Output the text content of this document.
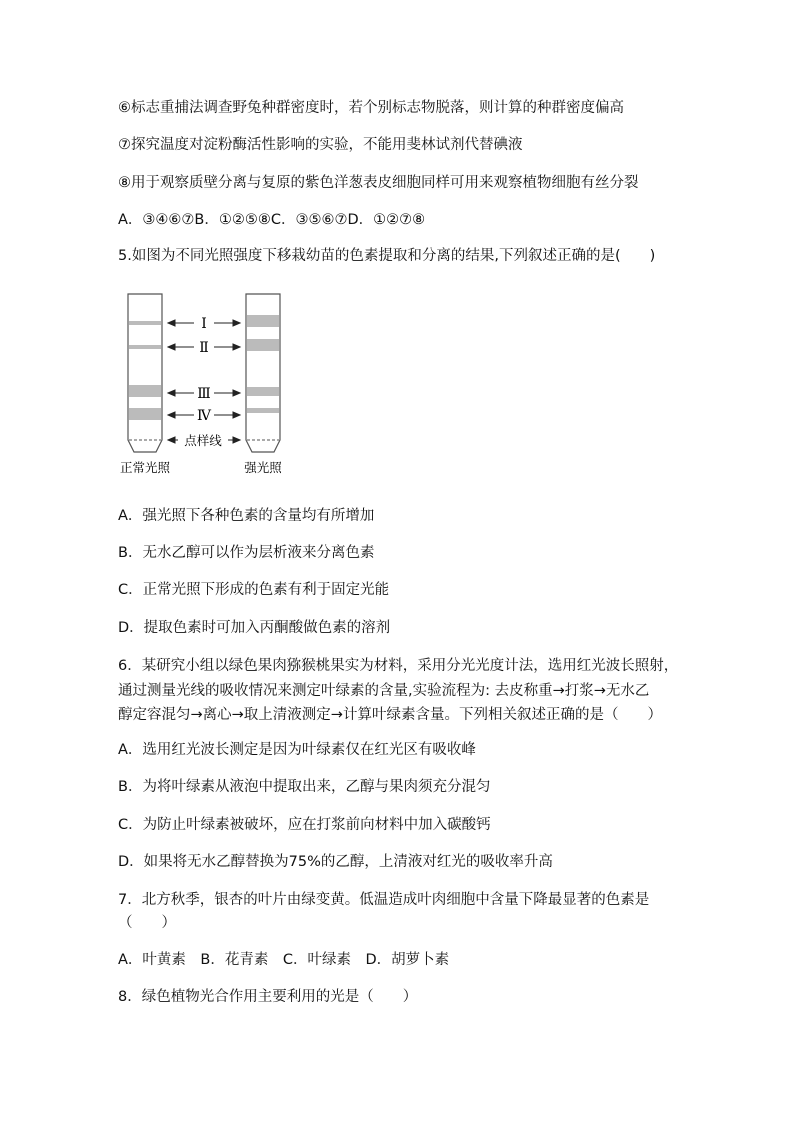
⑥标志重捕法调查野兔种群密度时，若个别标志物脱落，则计算的种群密度偏高
⑦探究温度对淀粉酶活性影响的实验，不能用斐林试剂代替碘液
⑧用于观察质壁分离与复原的紫色洋葱表皮细胞同样可用来观察植物细胞有丝分裂
A．③④⑥⑦B．①②⑤⑧C．③⑤⑥⑦D．①②⑦⑧
5.如图为不同光照强度下移栽幼苗的色素提取和分离的结果,下列叙述正确的是(　　)
Ⅰ
Ⅱ
Ⅲ
Ⅳ
点样线
正常光照	强光照
A．强光照下各种色素的含量均有所增加
B．无水乙醇可以作为层析液来分离色素
C．正常光照下形成的色素有利于固定光能
D．提取色素时可加入丙酮酸做色素的溶剂
6．某研究小组以绿色果肉猕猴桃果实为材料，采用分光光度计法，选用红光波长照射，
通过测量光线的吸收情况来测定叶绿素的含量,实验流程为: 去皮称重→打浆→无水乙
醇定容混匀→离心→取上清液测定→计算叶绿素含量。下列相关叙述正确的是（　　）
A．选用红光波长测定是因为叶绿素仅在红光区有吸收峰
B．为将叶绿素从液泡中提取出来，乙醇与果肉须充分混匀
C．为防止叶绿素被破坏，应在打浆前向材料中加入碳酸钙
D．如果将无水乙醇替换为75%的乙醇，上清液对红光的吸收率升高
7．北方秋季，银杏的叶片由绿变黄。低温造成叶肉细胞中含量下降最显著的色素是
（　　）
A．叶黄素　B．花青素　C．叶绿素　D．胡萝卜素
8．绿色植物光合作用主要利用的光是（　　）
